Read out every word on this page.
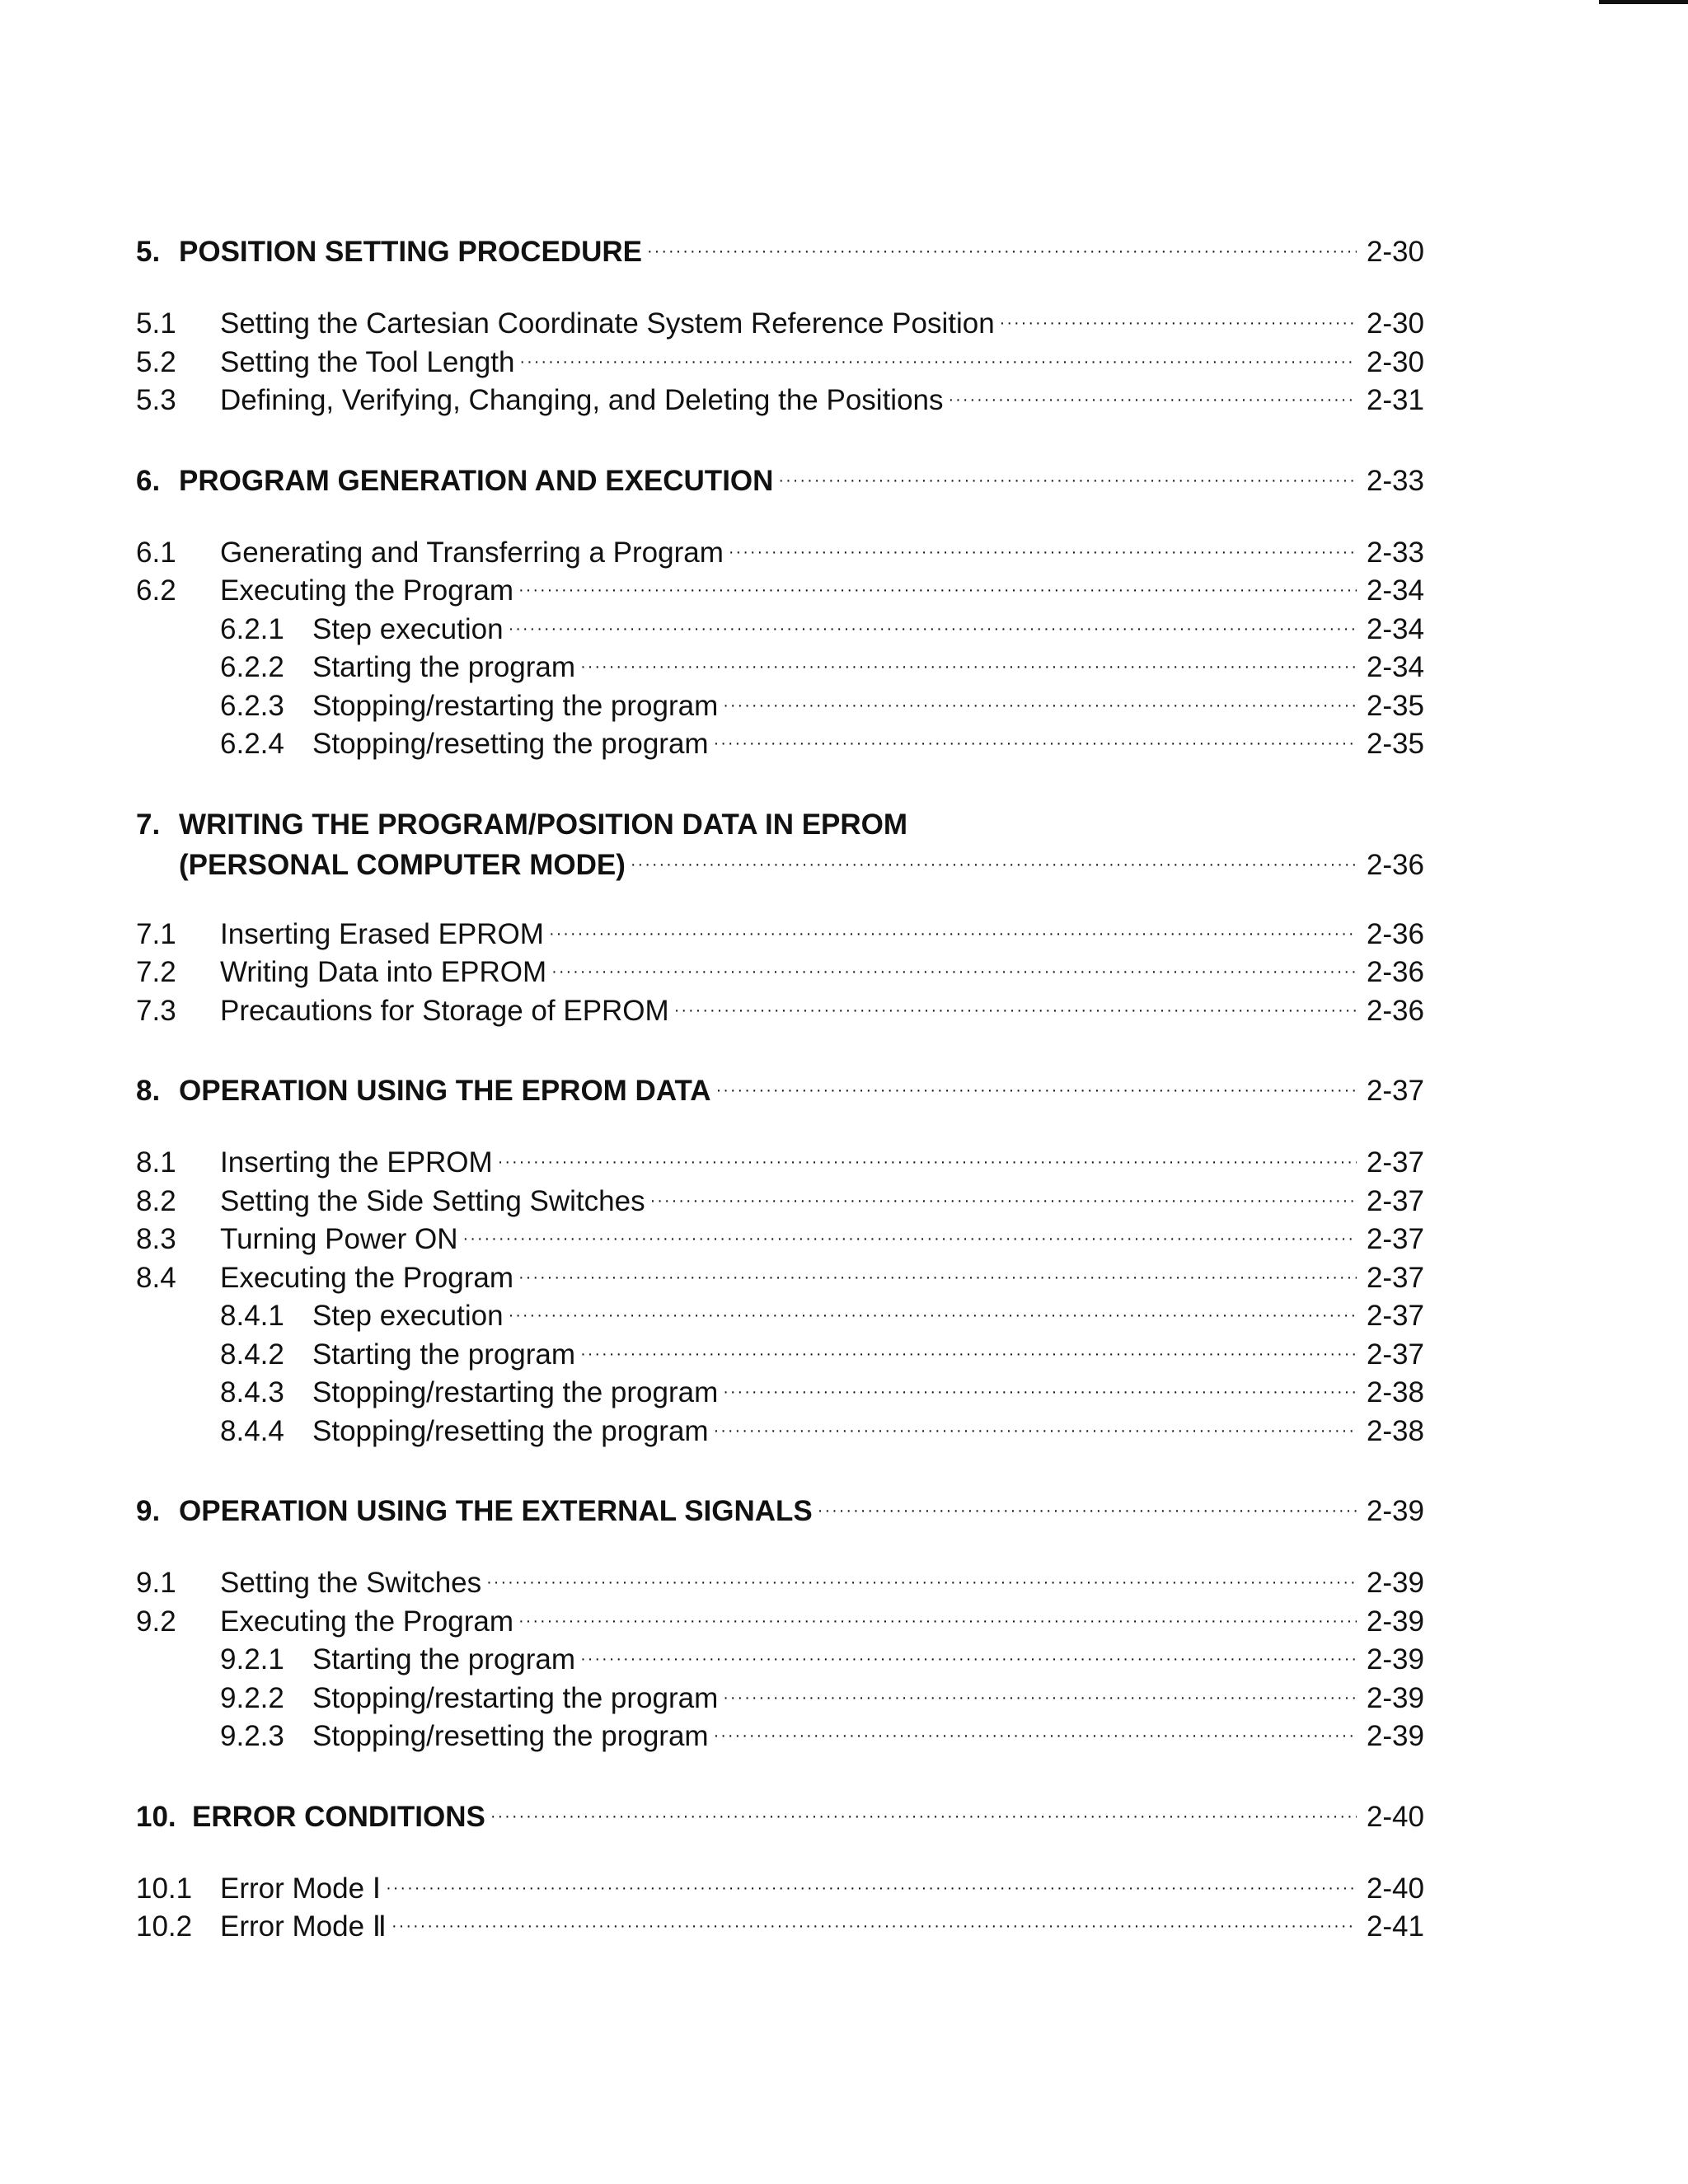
5. POSITION SETTING PROCEDURE ·····	2-30
5.1	Setting the Cartesian Coordinate System Reference Position ·····	2-30
5.2	Setting the Tool Length ·····	2-30
5.3	Defining, Verifying, Changing, and Deleting the Positions ·····	2-31
6. PROGRAM GENERATION AND EXECUTION ·····	2-33
6.1	Generating and Transferring a Program ·····	2-33
6.2	Executing the Program ·····	2-34
6.2.1 Step execution ·····	2-34
6.2.2 Starting the program ·····	2-34
6.2.3 Stopping/restarting the program ·····	2-35
6.2.4 Stopping/resetting the program ·····	2-35
7. WRITING THE PROGRAM/POSITION DATA IN EPROM
(PERSONAL COMPUTER MODE) ·····	2-36
7.1	Inserting Erased EPROM ·····	2-36
7.2	Writing Data into EPROM ·····	2-36
7.3	Precautions for Storage of EPROM ·····	2-36
8. OPERATION USING THE EPROM DATA ·····	2-37
8.1	Inserting the EPROM ·····	2-37
8.2	Setting the Side Setting Switches ·····	2-37
8.3	Turning Power ON ·····	2-37
8.4	Executing the Program ·····	2-37
8.4.1 Step execution ·····	2-37
8.4.2 Starting the program ·····	2-37
8.4.3 Stopping/restarting the program ·····	2-38
8.4.4 Stopping/resetting the program ·····	2-38
9. OPERATION USING THE EXTERNAL SIGNALS ·····	2-39
9.1	Setting the Switches ·····	2-39
9.2	Executing the Program ·····	2-39
9.2.1 Starting the program ·····	2-39
9.2.2 Stopping/restarting the program ·····	2-39
9.2.3 Stopping/resetting the program ·····	2-39
10. ERROR CONDITIONS ·····	2-40
10.1 Error Mode Ⅰ ·····	2-40
10.2 Error Mode Ⅱ ·····	2-41
